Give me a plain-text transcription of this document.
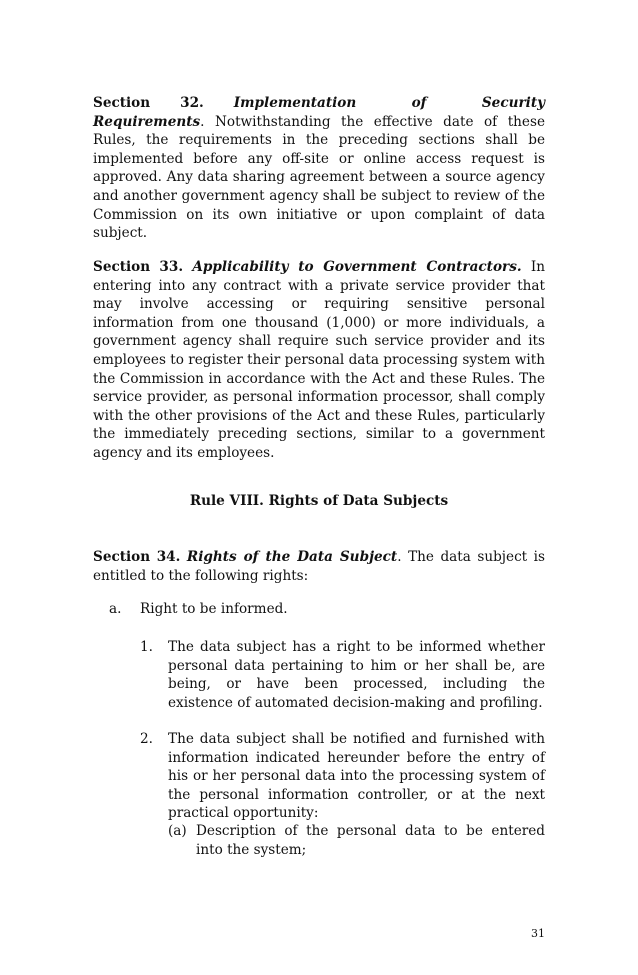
Section 32. Implementation of Security Requirements. Notwithstanding the effective date of these Rules, the requirements in the preceding sections shall be implemented before any off-site or online access request is approved. Any data sharing agreement between a source agency and another government agency shall be subject to review of the Commission on its own initiative or upon complaint of data subject.

Section 33. Applicability to Government Contractors. In entering into any contract with a private service provider that may involve accessing or requiring sensitive personal information from one thousand (1,000) or more individuals, a government agency shall require such service provider and its employees to register their personal data processing system with the Commission in accordance with the Act and these Rules. The service provider, as personal information processor, shall comply with the other provisions of the Act and these Rules, particularly the immediately preceding sections, similar to a government agency and its employees.

Rule VIII. Rights of Data Subjects

Section 34. Rights of the Data Subject. The data subject is entitled to the following rights:

a. Right to be informed.
1. The data subject has a right to be informed whether personal data pertaining to him or her shall be, are being, or have been processed, including the existence of automated decision-making and profiling.

2. The data subject shall be notified and furnished with information indicated hereunder before the entry of his or her personal data into the processing system of the personal information controller, or at the next practical opportunity:

(a) Description of the personal data to be entered into the system;

31
